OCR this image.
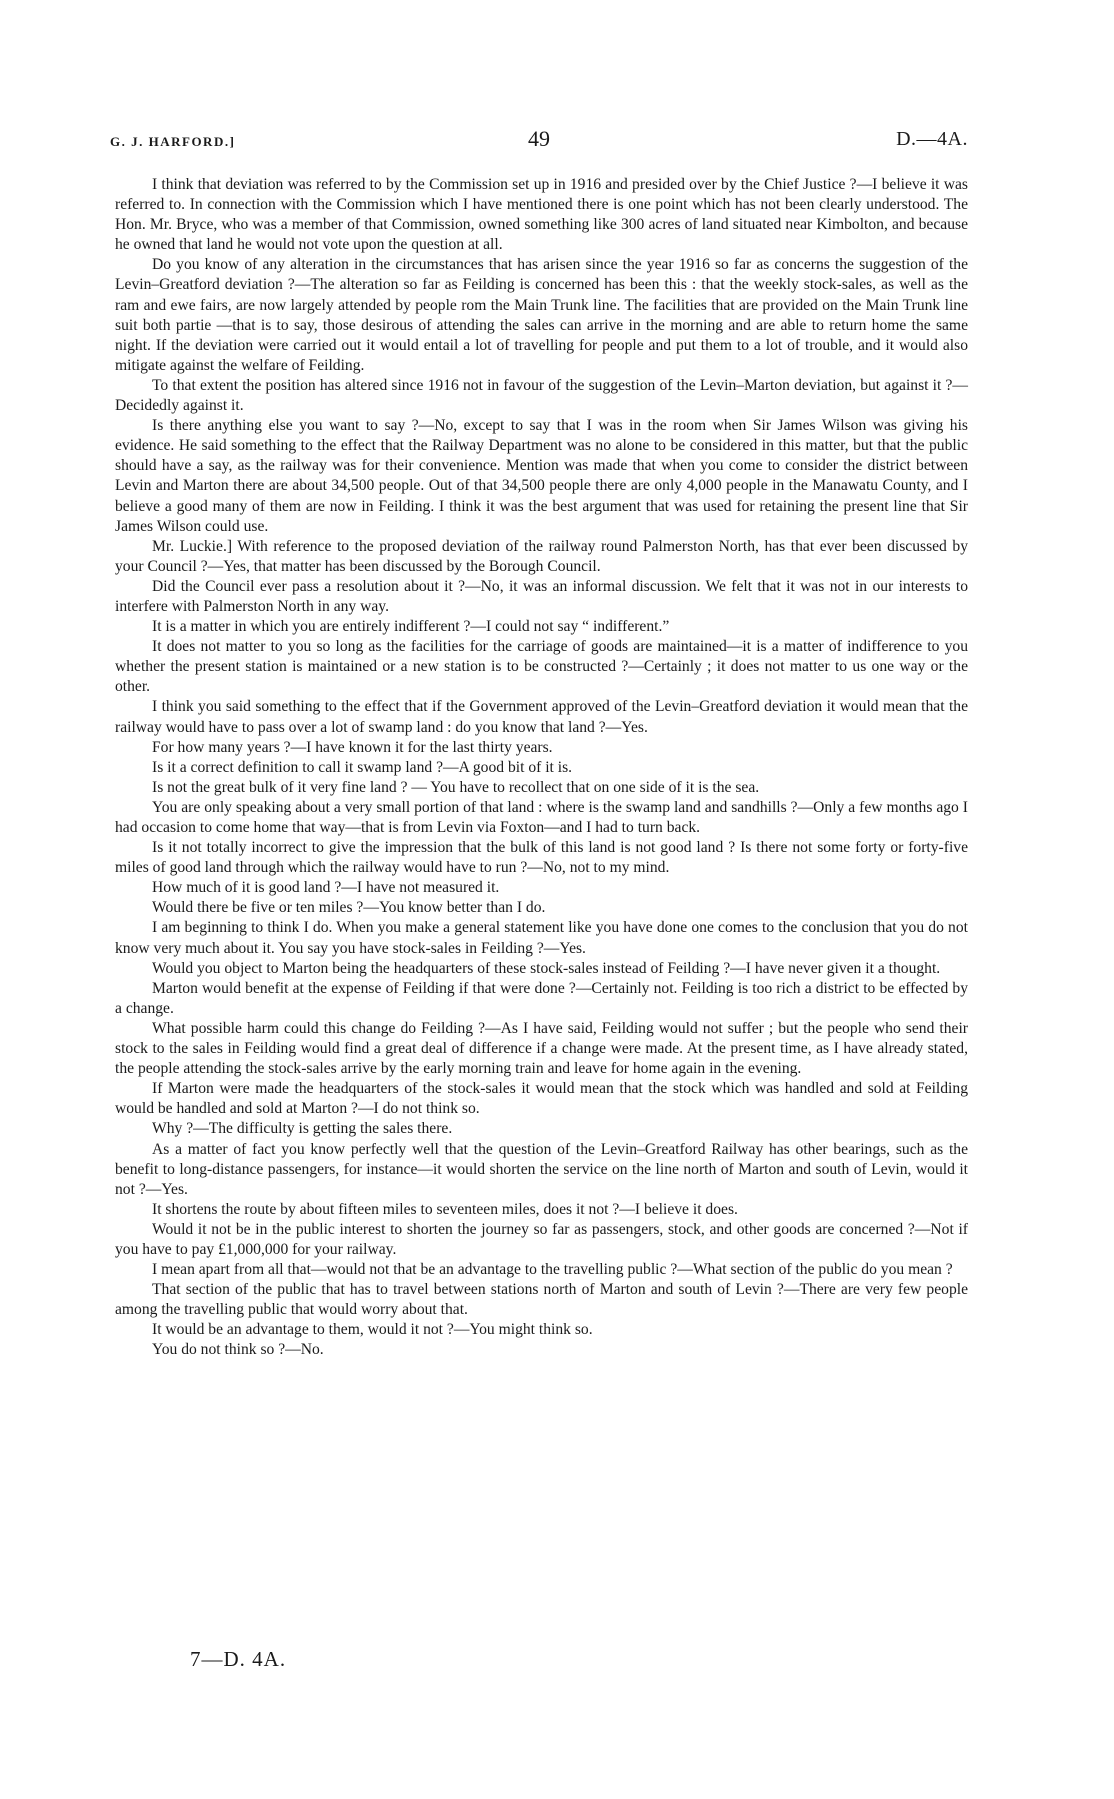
G. J. HARFORD.]	49	D.—4A.

I think that deviation was referred to by the Commission set up in 1916 and presided over by the Chief Justice ?—I believe it was referred to. In connection with the Commission which I have mentioned there is one point which has not been clearly understood. The Hon. Mr. Bryce, who was a member of that Commission, owned something like 300 acres of land situated near Kimbolton, and because he owned that land he would not vote upon the question at all.

Do you know of any alteration in the circumstances that has arisen since the year 1916 so far as concerns the suggestion of the Levin–Greatford deviation ?—The alteration so far as Feilding is concerned has been this : that the weekly stock-sales, as well as the ram and ewe fairs, are now largely attended by people rom the Main Trunk line. The facilities that are provided on the Main Trunk line suit both partie —that is to say, those desirous of attending the sales can arrive in the morning and are able to return home the same night. If the deviation were carried out it would entail a lot of travelling for people and put them to a lot of trouble, and it would also mitigate against the welfare of Feilding.

To that extent the position has altered since 1916 not in favour of the suggestion of the Levin–Marton deviation, but against it ?—Decidedly against it.

Is there anything else you want to say ?—No, except to say that I was in the room when Sir James Wilson was giving his evidence. He said something to the effect that the Railway Department was no alone to be considered in this matter, but that the public should have a say, as the railway was for their convenience. Mention was made that when you come to consider the district between Levin and Marton there are about 34,500 people. Out of that 34,500 people there are only 4,000 people in the Manawatu County, and I believe a good many of them are now in Feilding. I think it was the best argument that was used for retaining the present line that Sir James Wilson could use.

Mr. Luckie.] With reference to the proposed deviation of the railway round Palmerston North, has that ever been discussed by your Council ?—Yes, that matter has been discussed by the Borough Council.

Did the Council ever pass a resolution about it ?—No, it was an informal discussion. We felt that it was not in our interests to interfere with Palmerston North in any way.

It is a matter in which you are entirely indifferent ?—I could not say “ indifferent.”

It does not matter to you so long as the facilities for the carriage of goods are maintained—it is a matter of indifference to you whether the present station is maintained or a new station is to be constructed ?—Certainly ; it does not matter to us one way or the other.

I think you said something to the effect that if the Government approved of the Levin–Greatford deviation it would mean that the railway would have to pass over a lot of swamp land : do you know that land ?—Yes.

For how many years ?—I have known it for the last thirty years.

Is it a correct definition to call it swamp land ?—A good bit of it is.

Is not the great bulk of it very fine land ? — You have to recollect that on one side of it is the sea.

You are only speaking about a very small portion of that land : where is the swamp land and sandhills ?—Only a few months ago I had occasion to come home that way—that is from Levin via Foxton—and I had to turn back.

Is it not totally incorrect to give the impression that the bulk of this land is not good land ? Is there not some forty or forty-five miles of good land through which the railway would have to run ?—No, not to my mind.

How much of it is good land ?—I have not measured it.

Would there be five or ten miles ?—You know better than I do.

I am beginning to think I do. When you make a general statement like you have done one comes to the conclusion that you do not know very much about it. You say you have stock-sales in Feilding ?—Yes.

Would you object to Marton being the headquarters of these stock-sales instead of Feilding ?—I have never given it a thought.

Marton would benefit at the expense of Feilding if that were done ?—Certainly not. Feilding is too rich a district to be effected by a change.

What possible harm could this change do Feilding ?—As I have said, Feilding would not suffer ; but the people who send their stock to the sales in Feilding would find a great deal of difference if a change were made. At the present time, as I have already stated, the people attending the stock-sales arrive by the early morning train and leave for home again in the evening.

If Marton were made the headquarters of the stock-sales it would mean that the stock which was handled and sold at Feilding would be handled and sold at Marton ?—I do not think so.

Why ?—The difficulty is getting the sales there.

As a matter of fact you know perfectly well that the question of the Levin–Greatford Railway has other bearings, such as the benefit to long-distance passengers, for instance—it would shorten the service on the line north of Marton and south of Levin, would it not ?—Yes.

It shortens the route by about fifteen miles to seventeen miles, does it not ?—I believe it does.

Would it not be in the public interest to shorten the journey so far as passengers, stock, and other goods are concerned ?—Not if you have to pay £1,000,000 for your railway.

I mean apart from all that—would not that be an advantage to the travelling public ?—What section of the public do you mean ?

That section of the public that has to travel between stations north of Marton and south of Levin ?—There are very few people among the travelling public that would worry about that.

It would be an advantage to them, would it not ?—You might think so.

You do not think so ?—No.

7—D. 4A.
